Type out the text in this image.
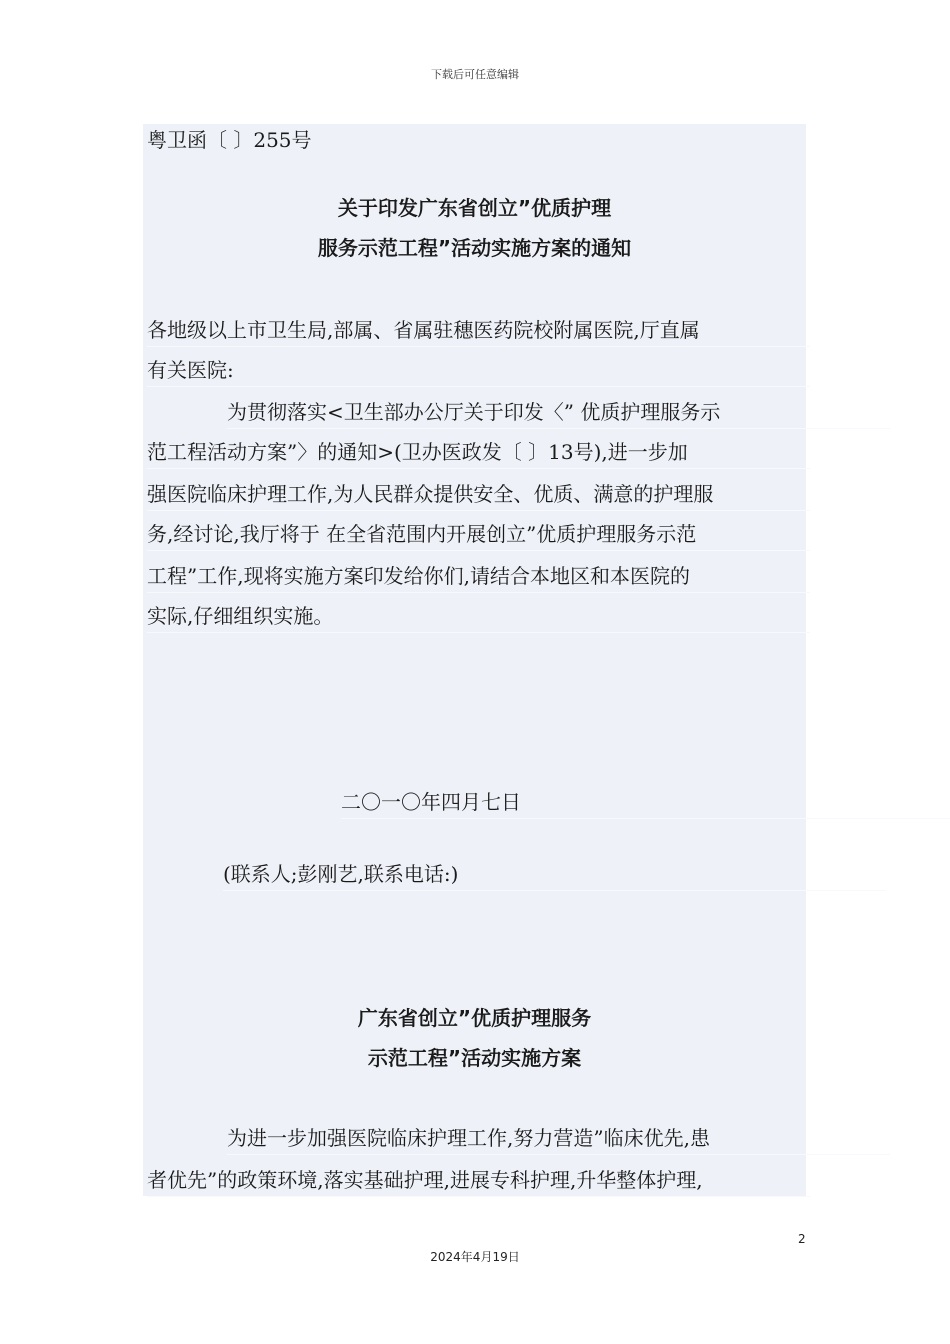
下载后可任意编辑
粤卫函〔 〕255号
关于印发广东省创立”优质护理
服务示范工程”活动实施方案的通知
各地级以上市卫生局,部属、省属驻穗医药院校附属医院,厅直属
有关医院:
为贯彻落实<卫生部办公厅关于印发〈” 优质护理服务示
范工程活动方案”〉的通知>(卫办医政发〔 〕13号),进一步加
强医院临床护理工作,为人民群众提供安全、优质、满意的护理服
务,经讨论,我厅将于 在全省范围内开展创立”优质护理服务示范
工程”工作,现将实施方案印发给你们,请结合本地区和本医院的
实际,仔细组织实施。
二〇一〇年四月七日
(联系人;彭刚艺,联系电话:)
广东省创立”优质护理服务
示范工程”活动实施方案
为进一步加强医院临床护理工作,努力营造”临床优先,患
者优先”的政策环境,落实基础护理,进展专科护理,升华整体护理,
2
2024年4月19日
